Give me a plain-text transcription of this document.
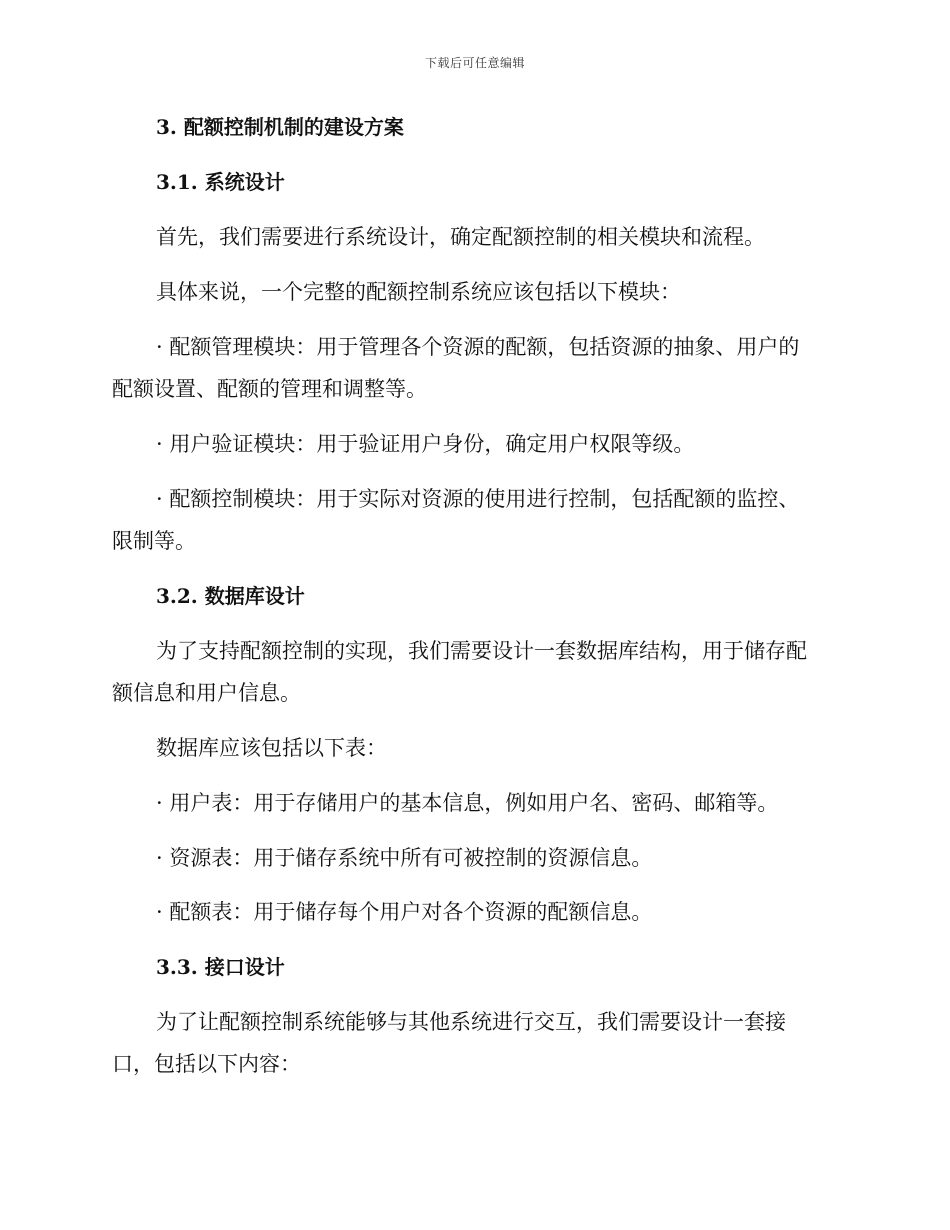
下载后可任意编辑
3. 配额控制机制的建设方案
3.1. 系统设计
首先，我们需要进行系统设计，确定配额控制的相关模块和流程。
具体来说，一个完整的配额控制系统应该包括以下模块：
· 配额管理模块：用于管理各个资源的配额，包括资源的抽象、用户的
配额设置、配额的管理和调整等。
· 用户验证模块：用于验证用户身份，确定用户权限等级。
· 配额控制模块：用于实际对资源的使用进行控制，包括配额的监控、
限制等。
3.2. 数据库设计
为了支持配额控制的实现，我们需要设计一套数据库结构，用于储存配
额信息和用户信息。
数据库应该包括以下表：
· 用户表：用于存储用户的基本信息，例如用户名、密码、邮箱等。
· 资源表：用于储存系统中所有可被控制的资源信息。
· 配额表：用于储存每个用户对各个资源的配额信息。
3.3. 接口设计
为了让配额控制系统能够与其他系统进行交互，我们需要设计一套接
口，包括以下内容：
